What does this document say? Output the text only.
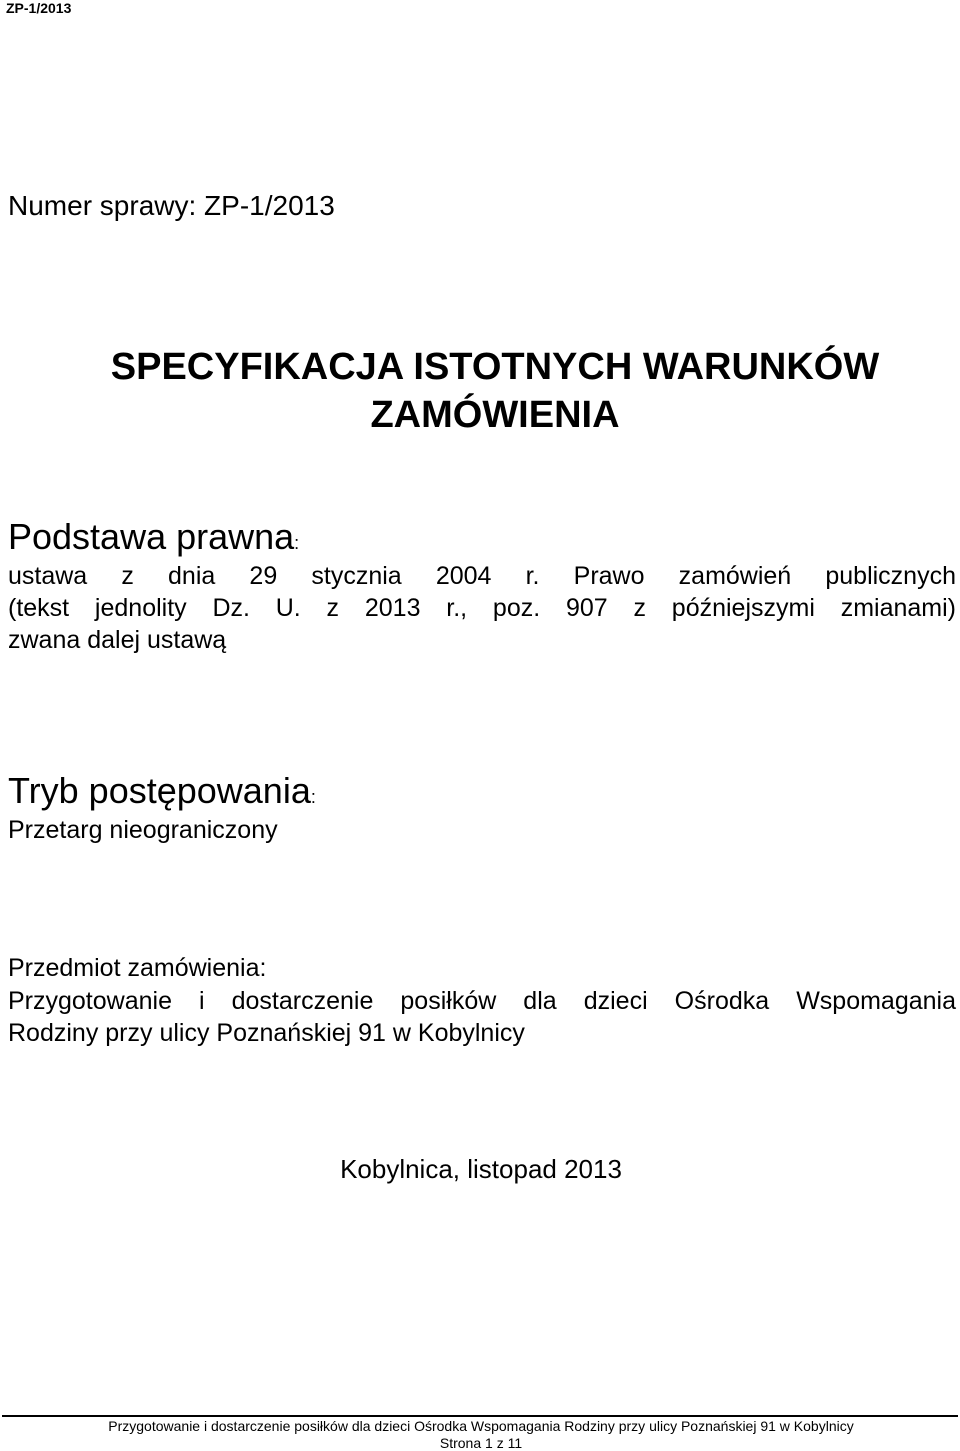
ZP-1/2013
Numer sprawy: ZP-1/2013
SPECYFIKACJA ISTOTNYCH WARUNKÓW
ZAMÓWIENIA
Podstawa prawna:
ustawa z dnia 29 stycznia 2004 r. Prawo zamówień publicznych
(tekst jednolity Dz. U. z 2013 r., poz. 907 z późniejszymi zmianami)
zwana dalej ustawą
Tryb postępowania:
Przetarg nieograniczony
Przedmiot zamówienia:
Przygotowanie i dostarczenie posiłków dla dzieci Ośrodka Wspomagania
Rodziny przy ulicy Poznańskiej 91 w Kobylnicy
Kobylnica, listopad 2013
Przygotowanie i dostarczenie posiłków dla dzieci Ośrodka Wspomagania Rodziny przy ulicy Poznańskiej 91 w Kobylnicy
Strona 1 z 11
